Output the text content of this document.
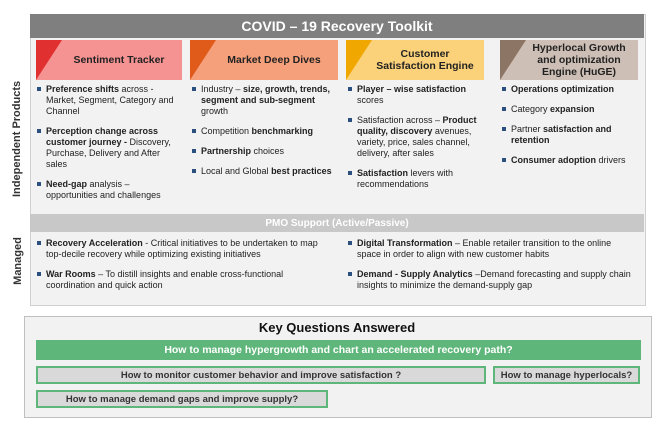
Independent Products
Managed
COVID – 19 Recovery Toolkit
Sentiment Tracker	Market Deep Dives	Customer Satisfaction Engine
Hyperlocal Growth and optimization Engine (HuGE)
Preference shifts across - Market, Segment, Category and Channel
Perception change across customer journey - Discovery, Purchase, Delivery and After sales
Need-gap analysis – opportunities and challenges
Industry – size, growth, trends, segment and sub-segment growth
Competition benchmarking
Partnership choices
Local and Global best practices
Player – wise satisfaction scores
Satisfaction across – Product quality, discovery avenues, variety, price, sales channel, delivery, after sales
Satisfaction levers with recommendations
Operations optimization
Category expansion
Partner satisfaction and retention
Consumer adoption drivers
PMO Support (Active/Passive)
Recovery Acceleration - Critical initiatives to be undertaken to map top-decile recovery while optimizing existing initiatives
War Rooms – To distill insights and enable cross-functional coordination and quick action
Digital Transformation – Enable retailer transition to the online space in order to align with new customer habits
Demand - Supply Analytics –Demand forecasting and supply chain insights to minimize the demand-supply gap
Key Questions Answered
How to manage hypergrowth and chart an accelerated recovery path?
How to monitor customer behavior and improve satisfaction ?	How to manage hyperlocals?
How to manage demand gaps and improve supply?
